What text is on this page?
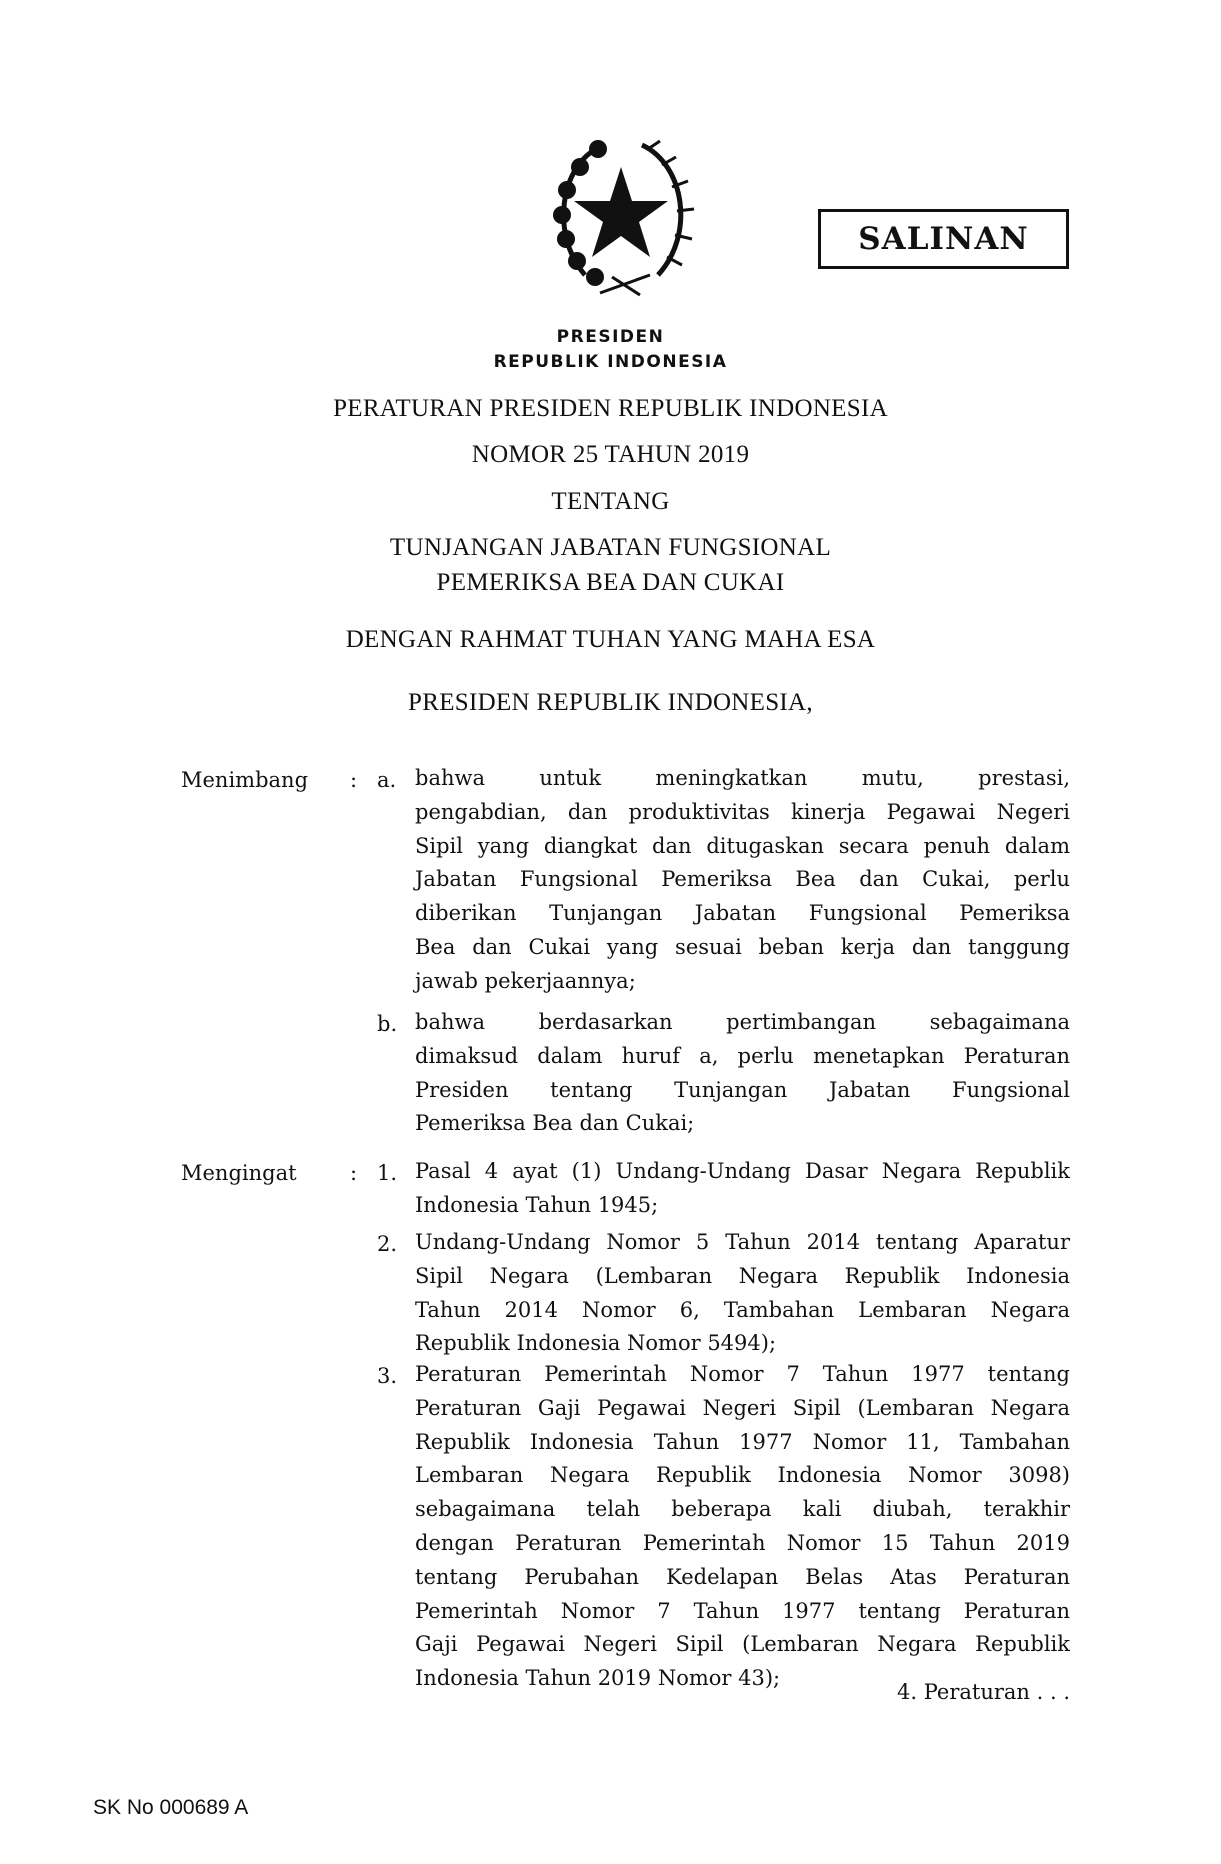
SALINAN
PRESIDEN
REPUBLIK INDONESIA
PERATURAN PRESIDEN REPUBLIK INDONESIA
NOMOR 25 TAHUN 2019
TENTANG
TUNJANGAN JABATAN FUNGSIONAL
PEMERIKSA BEA DAN CUKAI
DENGAN RAHMAT TUHAN YANG MAHA ESA
PRESIDEN REPUBLIK INDONESIA,
Menimbang : a. bahwa untuk meningkatkan mutu, prestasi,
pengabdian, dan produktivitas kinerja Pegawai Negeri
Sipil yang diangkat dan ditugaskan secara penuh dalam
Jabatan Fungsional Pemeriksa Bea dan Cukai, perlu
diberikan Tunjangan Jabatan Fungsional Pemeriksa
Bea dan Cukai yang sesuai beban kerja dan tanggung
jawab pekerjaannya;
b. bahwa berdasarkan pertimbangan sebagaimana
dimaksud dalam huruf a, perlu menetapkan Peraturan
Presiden tentang Tunjangan Jabatan Fungsional
Pemeriksa Bea dan Cukai;
Mengingat	: 1. Pasal 4 ayat (1) Undang-Undang Dasar Negara Republik
Indonesia Tahun 1945;
2. Undang-Undang Nomor 5 Tahun 2014 tentang Aparatur
Sipil Negara (Lembaran Negara Republik Indonesia
Tahun 2014 Nomor 6, Tambahan Lembaran Negara
Republik Indonesia Nomor 5494);
3. Peraturan Pemerintah Nomor 7 Tahun 1977 tentang
Peraturan Gaji Pegawai Negeri Sipil (Lembaran Negara
Republik Indonesia Tahun 1977 Nomor 11, Tambahan
Lembaran Negara Republik Indonesia Nomor 3098)
sebagaimana telah beberapa kali diubah, terakhir
dengan Peraturan Pemerintah Nomor 15 Tahun 2019
tentang Perubahan Kedelapan Belas Atas Peraturan
Pemerintah Nomor 7 Tahun 1977 tentang Peraturan
Gaji Pegawai Negeri Sipil (Lembaran Negara Republik
Indonesia Tahun 2019 Nomor 43);
4. Peraturan . . .
SK No 000689 A
